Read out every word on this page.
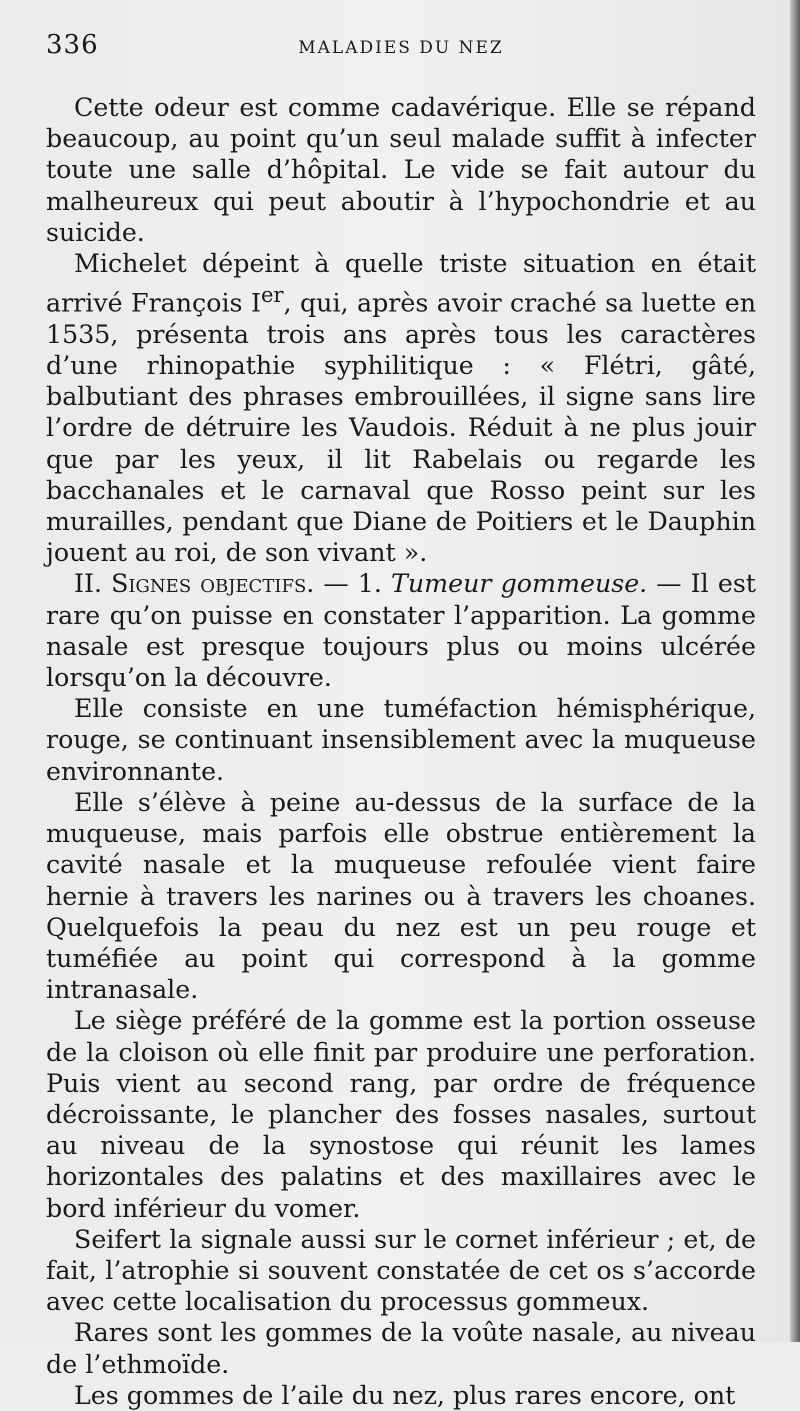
336	MALADIES DU NEZ

Cette odeur est comme cadavérique. Elle se répand beaucoup, au point qu’un seul malade suffit à infecter toute une salle d’hôpital. Le vide se fait autour du malheureux qui peut aboutir à l’hypochondrie et au suicide.

Michelet dépeint à quelle triste situation en était arrivé François Ier, qui, après avoir craché sa luette en 1535, présenta trois ans après tous les caractères d’une rhinopathie syphilitique : « Flétri, gâté, balbutiant des phrases embrouillées, il signe sans lire l’ordre de détruire les Vaudois. Réduit à ne plus jouir que par les yeux, il lit Rabelais ou regarde les bacchanales et le carnaval que Rosso peint sur les murailles, pendant que Diane de Poitiers et le Dauphin jouent au roi, de son vivant ».

II. Signes objectifs. — 1. Tumeur gommeuse. — Il est rare qu’on puisse en constater l’apparition. La gomme nasale est presque toujours plus ou moins ulcérée lorsqu’on la découvre.

Elle consiste en une tuméfaction hémisphérique, rouge, se continuant insensiblement avec la muqueuse environnante.

Elle s’élève à peine au-dessus de la surface de la muqueuse, mais parfois elle obstrue entièrement la cavité nasale et la muqueuse refoulée vient faire hernie à travers les narines ou à travers les choanes. Quelquefois la peau du nez est un peu rouge et tuméfiée au point qui correspond à la gomme intranasale.

Le siège préféré de la gomme est la portion osseuse de la cloison où elle finit par produire une perforation. Puis vient au second rang, par ordre de fréquence décroissante, le plancher des fosses nasales, surtout au niveau de la synostose qui réunit les lames horizontales des palatins et des maxillaires avec le bord inférieur du vomer.

Seifert la signale aussi sur le cornet inférieur ; et, de fait, l’atrophie si souvent constatée de cet os s’accorde avec cette localisation du processus gommeux.

Rares sont les gommes de la voûte nasale, au niveau de l’ethmoïde.

Les gommes de l’aile du nez, plus rares encore, ont
